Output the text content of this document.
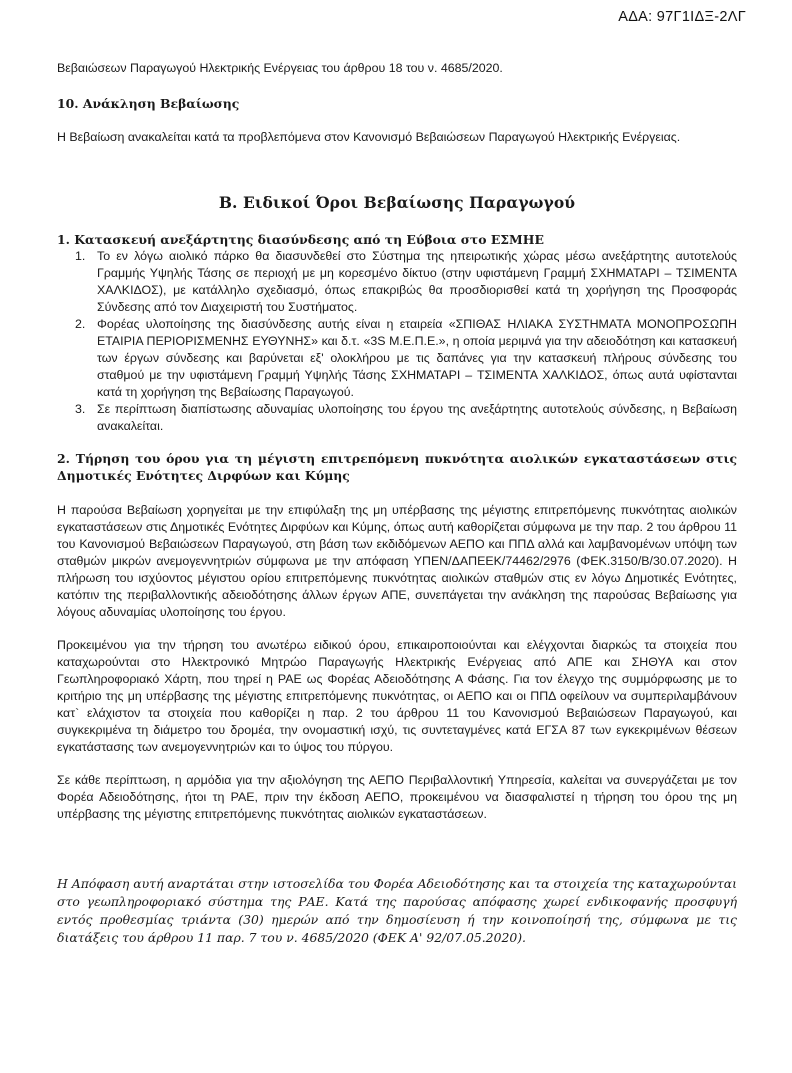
ΑΔΑ: 97Γ1ΙΔΞ-2ΛΓ

Βεβαιώσεων Παραγωγού Ηλεκτρικής Ενέργειας του άρθρου 18 του ν. 4685/2020.

10. Ανάκληση Βεβαίωσης

Η Βεβαίωση ανακαλείται κατά τα προβλεπόμενα στον Κανονισμό Βεβαιώσεων Παραγωγού Ηλεκτρικής Ενέργειας.

Β. Ειδικοί Όροι Βεβαίωσης Παραγωγού

1. Κατασκευή ανεξάρτητης διασύνδεσης από τη Εύβοια στο ΕΣΜΗΕ

1. Το εν λόγω αιολικό πάρκο θα διασυνδεθεί στο Σύστημα της ηπειρωτικής χώρας μέσω ανεξάρτητης αυτοτελούς Γραμμής Υψηλής Τάσης σε περιοχή με μη κορεσμένο δίκτυο (στην υφιστάμενη Γραμμή ΣΧΗΜΑΤΑΡΙ – ΤΣΙΜΕΝΤΑ ΧΑΛΚΙΔΟΣ), με κατάλληλο σχεδιασμό, όπως επακριβώς θα προσδιορισθεί κατά τη χορήγηση της Προσφοράς Σύνδεσης από τον Διαχειριστή του Συστήματος.
2. Φορέας υλοποίησης της διασύνδεσης αυτής είναι η εταιρεία «ΣΠΙΘΑΣ ΗΛΙΑΚΑ ΣΥΣΤΗΜΑΤΑ ΜΟΝΟΠΡΟΣΩΠΗ ΕΤΑΙΡΙΑ ΠΕΡΙΟΡΙΣΜΕΝΗΣ ΕΥΘΥΝΗΣ» και δ.τ. «3S Μ.Ε.Π.Ε.», η οποία μεριμνά για την αδειοδότηση και κατασκευή των έργων σύνδεσης και βαρύνεται εξ' ολοκλήρου με τις δαπάνες για την κατασκευή πλήρους σύνδεσης του σταθμού με την υφιστάμενη Γραμμή Υψηλής Τάσης ΣΧΗΜΑΤΑΡΙ – ΤΣΙΜΕΝΤΑ ΧΑΛΚΙΔΟΣ, όπως αυτά υφίστανται κατά τη χορήγηση της Βεβαίωσης Παραγωγού.
3. Σε περίπτωση διαπίστωσης αδυναμίας υλοποίησης του έργου της ανεξάρτητης αυτοτελούς σύνδεσης, η Βεβαίωση ανακαλείται.

2. Τήρηση του όρου για τη μέγιστη επιτρεπόμενη πυκνότητα αιολικών εγκαταστάσεων στις Δημοτικές Ενότητες Διρφύων και Κύμης

Η παρούσα Βεβαίωση χορηγείται με την επιφύλαξη της μη υπέρβασης της μέγιστης επιτρεπόμενης πυκνότητας αιολικών εγκαταστάσεων στις Δημοτικές Ενότητες Διρφύων και Κύμης, όπως αυτή καθορίζεται σύμφωνα με την παρ. 2 του άρθρου 11 του Κανονισμού Βεβαιώσεων Παραγωγού, στη βάση των εκδιδόμενων ΑΕΠΟ και ΠΠΔ αλλά και λαμβανομένων υπόψη των σταθμών μικρών ανεμογεννητριών σύμφωνα με την απόφαση ΥΠΕΝ/ΔΑΠΕΕΚ/74462/2976 (ΦΕΚ.3150/Β/30.07.2020). Η πλήρωση του ισχύοντος μέγιστου ορίου επιτρεπόμενης πυκνότητας αιολικών σταθμών στις εν λόγω Δημοτικές Ενότητες, κατόπιν της περιβαλλοντικής αδειοδότησης άλλων έργων ΑΠΕ, συνεπάγεται την ανάκληση της παρούσας Βεβαίωσης για λόγους αδυναμίας υλοποίησης του έργου.

Προκειμένου για την τήρηση του ανωτέρω ειδικού όρου, επικαιροποιούνται και ελέγχονται διαρκώς τα στοιχεία που καταχωρούνται στο Ηλεκτρονικό Μητρώο Παραγωγής Ηλεκτρικής Ενέργειας από ΑΠΕ και ΣΗΘΥΑ και στον Γεωπληροφοριακό Χάρτη, που τηρεί η ΡΑΕ ως Φορέας Αδειοδότησης Α Φάσης. Για τον έλεγχο της συμμόρφωσης με το κριτήριο της μη υπέρβασης της μέγιστης επιτρεπόμενης πυκνότητας, οι ΑΕΠΟ και οι ΠΠΔ οφείλουν να συμπεριλαμβάνουν κατ` ελάχιστον τα στοιχεία που καθορίζει η παρ. 2 του άρθρου 11 του Κανονισμού Βεβαιώσεων Παραγωγού, και συγκεκριμένα τη διάμετρο του δρομέα, την ονομαστική ισχύ, τις συντεταγμένες κατά ΕΓΣΑ 87 των εγκεκριμένων θέσεων εγκατάστασης των ανεμογεννητριών και το ύψος του πύργου.

Σε κάθε περίπτωση, η αρμόδια για την αξιολόγηση της ΑΕΠΟ Περιβαλλοντική Υπηρεσία, καλείται να συνεργάζεται με τον Φορέα Αδειοδότησης, ήτοι τη ΡΑΕ, πριν την έκδοση ΑΕΠΟ, προκειμένου να διασφαλιστεί η τήρηση του όρου της μη υπέρβασης της μέγιστης επιτρεπόμενης πυκνότητας αιολικών εγκαταστάσεων.

Η Απόφαση αυτή αναρτάται στην ιστοσελίδα του Φορέα Αδειοδότησης και τα στοιχεία της καταχωρούνται στο γεωπληροφοριακό σύστημα της ΡΑΕ. Κατά της παρούσας απόφασης χωρεί ενδικοφανής προσφυγή εντός προθεσμίας τριάντα (30) ημερών από την δημοσίευση ή την κοινοποίησή της, σύμφωνα με τις διατάξεις του άρθρου 11 παρ. 7 του ν. 4685/2020 (ΦΕΚ Α' 92/07.05.2020).
